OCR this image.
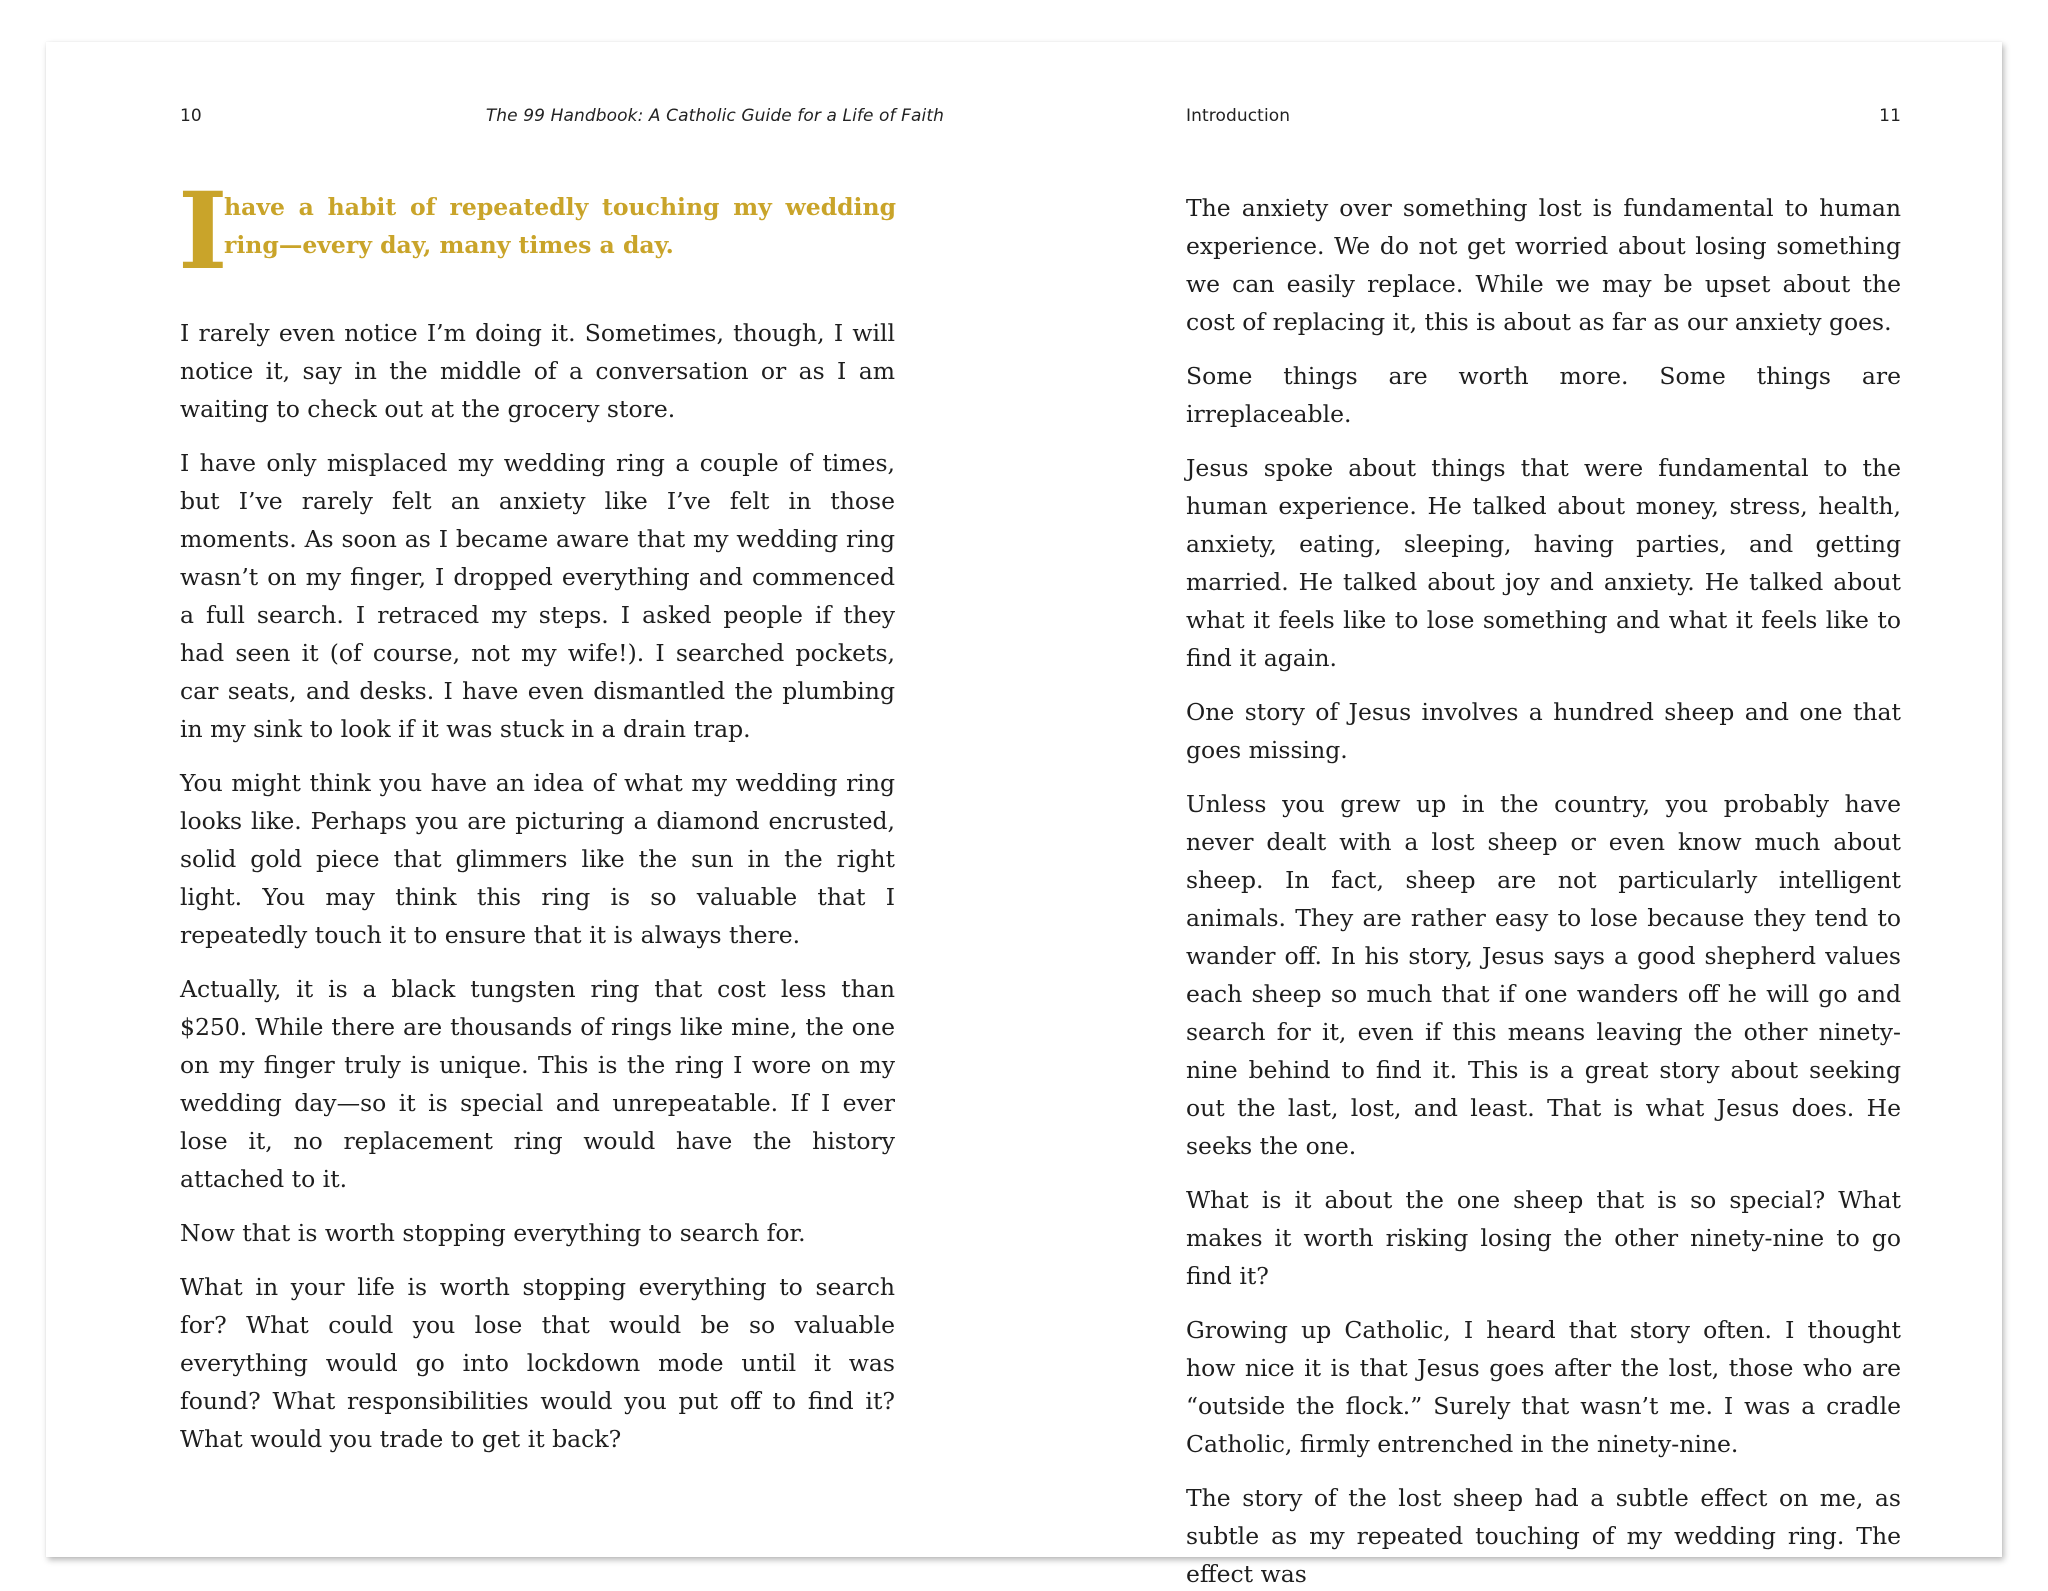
10	The 99 Handbook: A Catholic Guide for a Life of Faith
I
have a habit of repeatedly touching my wedding ring—every day, many times a day.

I rarely even notice I’m doing it. Sometimes, though, I will notice it, say in the middle of a conversation or as I am waiting to check out at the grocery store.

I have only misplaced my wedding ring a couple of times, but I’ve rarely felt an anxiety like I’ve felt in those moments. As soon as I became aware that my wedding ring wasn’t on my finger, I dropped everything and commenced a full search. I retraced my steps. I asked people if they had seen it (of course, not my wife!). I searched pockets, car seats, and desks. I have even dismantled the plumbing in my sink to look if it was stuck in a drain trap.

You might think you have an idea of what my wedding ring looks like. Perhaps you are picturing a diamond encrusted, solid gold piece that glimmers like the sun in the right light. You may think this ring is so valuable that I repeatedly touch it to ensure that it is always there.

Actually, it is a black tungsten ring that cost less than $250. While there are thousands of rings like mine, the one on my finger truly is unique. This is the ring I wore on my wedding day—so it is special and unrepeatable. If I ever lose it, no replacement ring would have the history attached to it.

Now that is worth stopping everything to search for.

What in your life is worth stopping everything to search for? What could you lose that would be so valuable everything would go into lockdown mode until it was found? What responsibilities would you put off to find it? What would you trade to get it back?

Introduction	11

The anxiety over something lost is fundamental to human experience. We do not get worried about losing something we can easily replace. While we may be upset about the cost of replacing it, this is about as far as our anxiety goes.

Some things are worth more. Some things are irreplaceable.

Jesus spoke about things that were fundamental to the human experience. He talked about money, stress, health, anxiety, eating, sleeping, having parties, and getting married. He talked about joy and anxiety. He talked about what it feels like to lose something and what it feels like to find it again.

One story of Jesus involves a hundred sheep and one that goes missing.

Unless you grew up in the country, you probably have never dealt with a lost sheep or even know much about sheep. In fact, sheep are not particularly intelligent animals. They are rather easy to lose because they tend to wander off. In his story, Jesus says a good shepherd values each sheep so much that if one wanders off he will go and search for it, even if this means leaving the other ninety-nine behind to find it. This is a great story about seeking out the last, lost, and least. That is what Jesus does. He seeks the one.

What is it about the one sheep that is so special? What makes it worth risking losing the other ninety-nine to go find it?

Growing up Catholic, I heard that story often. I thought how nice it is that Jesus goes after the lost, those who are “outside the flock.” Surely that wasn’t me. I was a cradle Catholic, firmly entrenched in the ninety-nine.

The story of the lost sheep had a subtle effect on me, as subtle as my repeated touching of my wedding ring. The effect was
